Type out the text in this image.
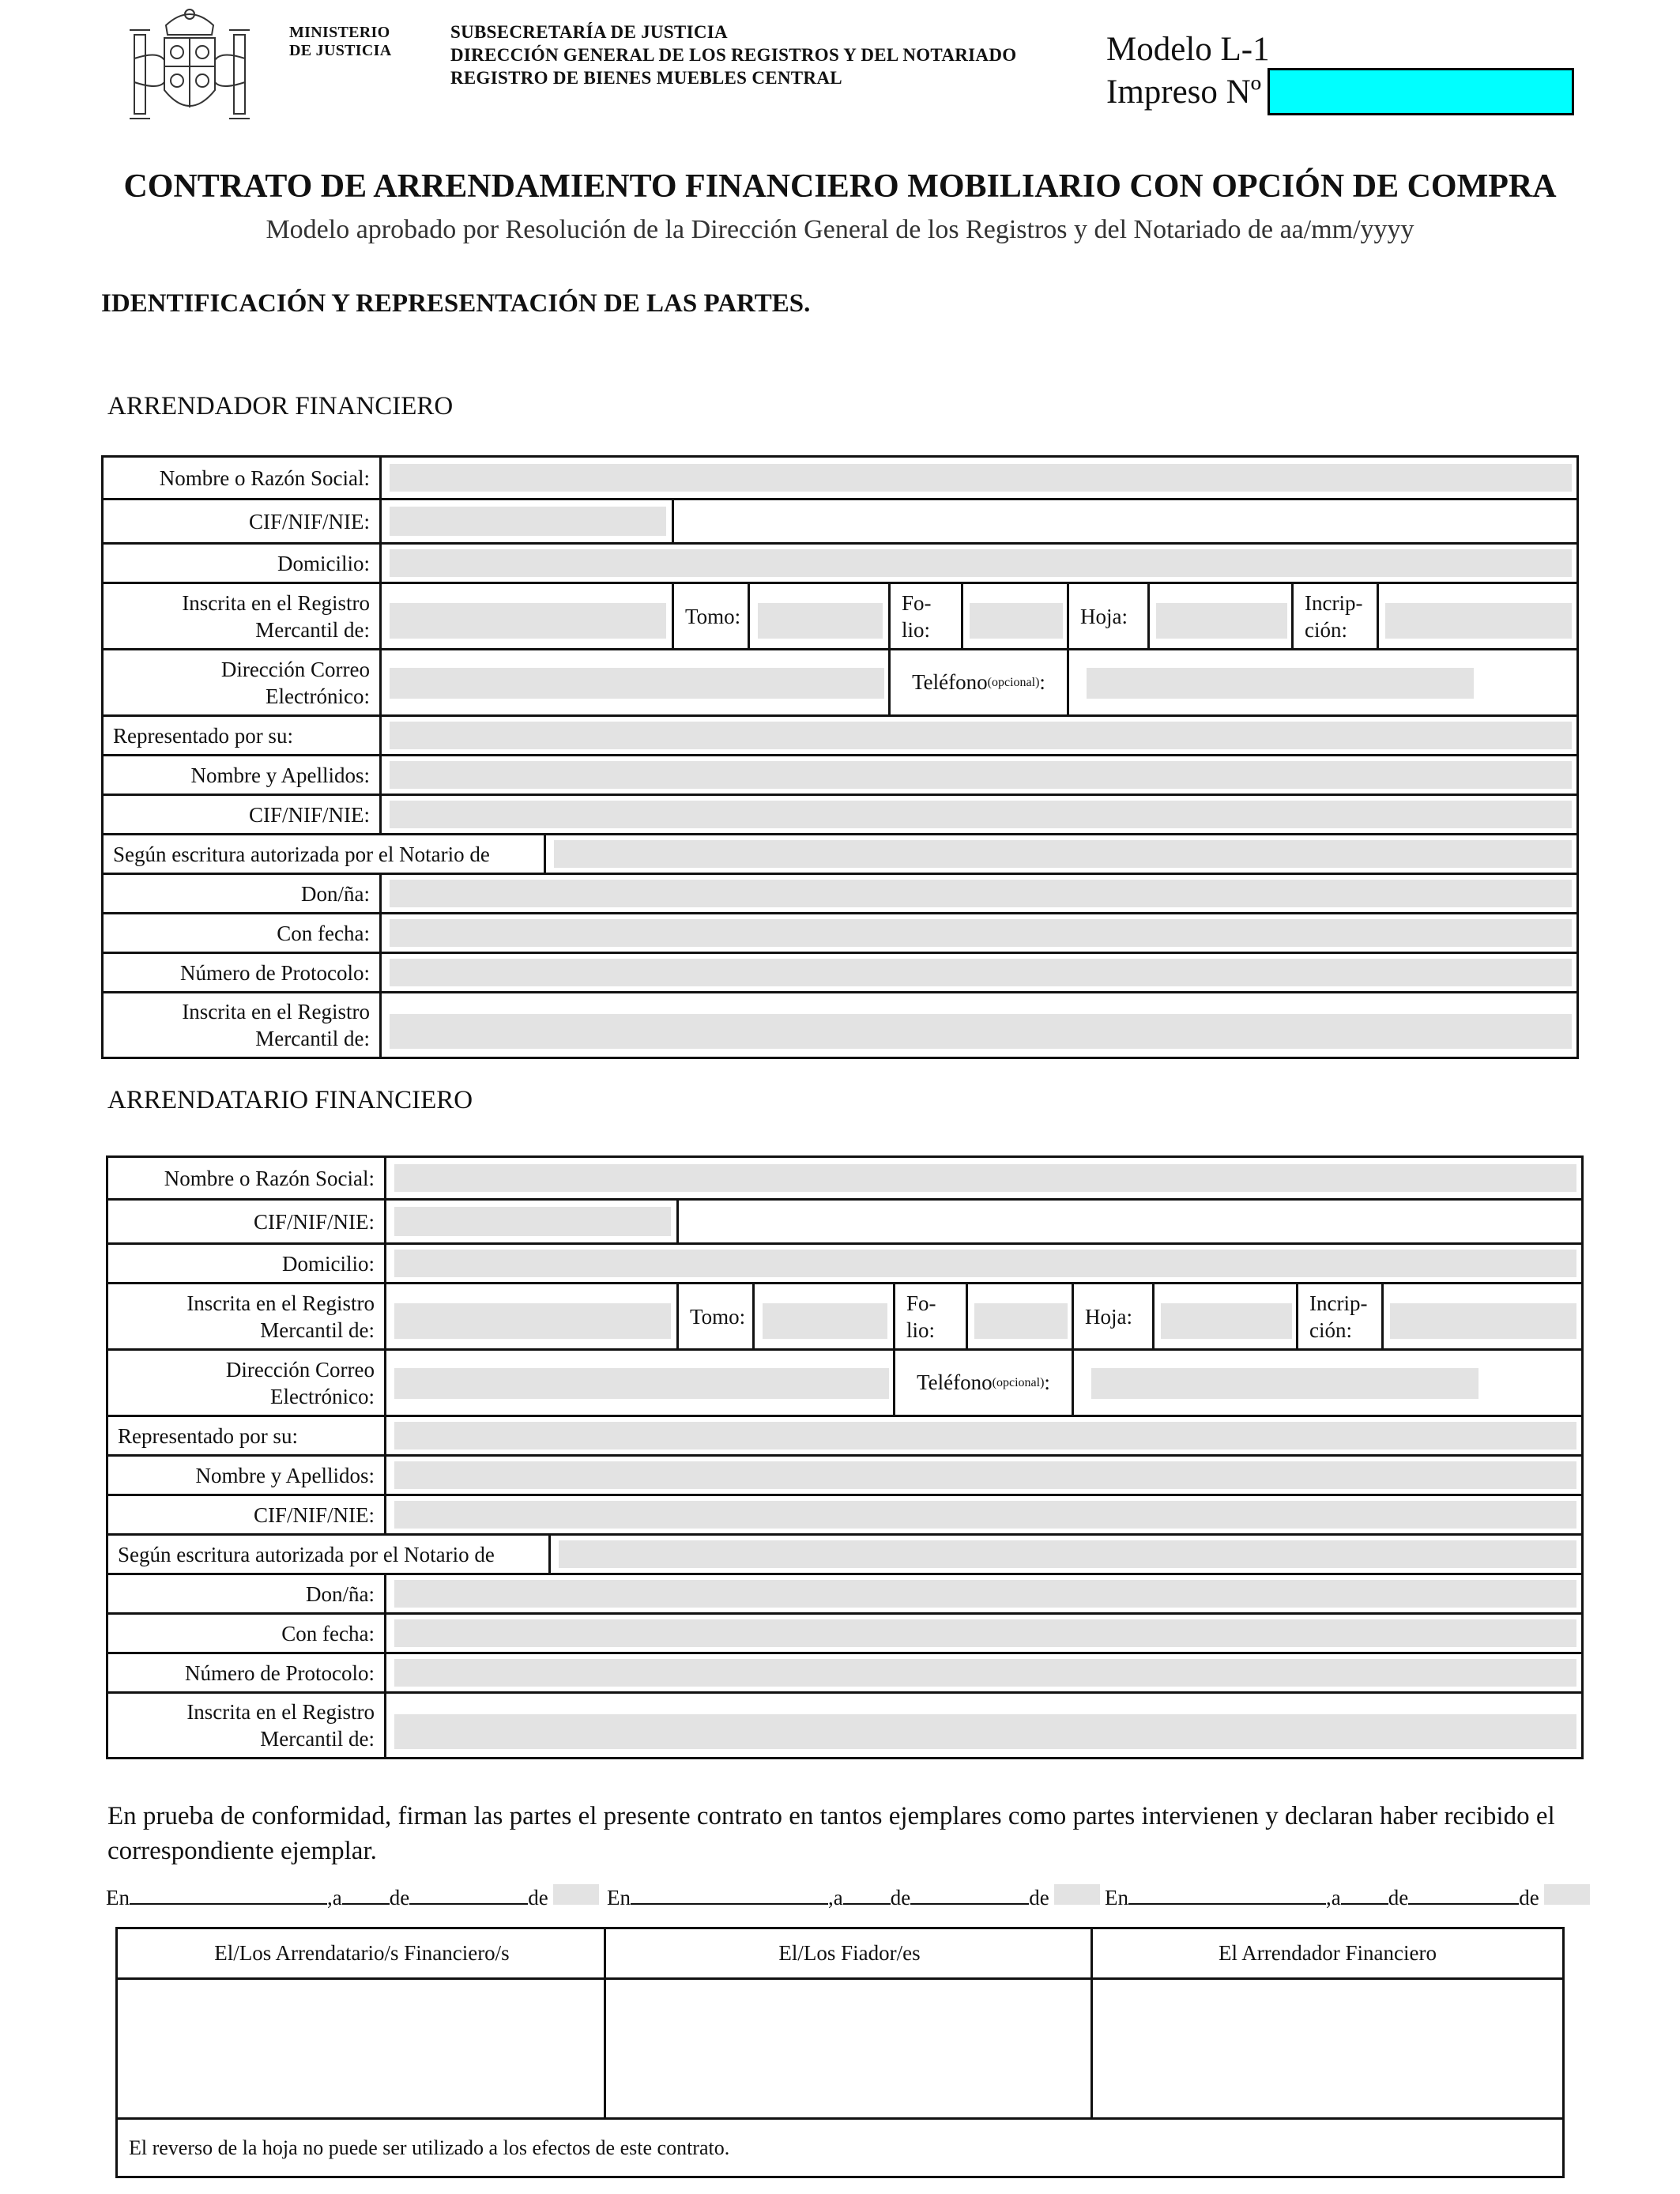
MINISTERIO
DE JUSTICIA
SUBSECRETARÍA DE JUSTICIA
DIRECCIÓN GENERAL DE LOS REGISTROS Y DEL NOTARIADO
REGISTRO DE BIENES MUEBLES CENTRAL
Modelo L-1
Impreso Nº
CONTRATO DE ARRENDAMIENTO FINANCIERO MOBILIARIO CON OPCIÓN DE COMPRA
Modelo aprobado por Resolución de la Dirección General de los Registros y del Notariado de aa/mm/yyyy
IDENTIFICACIÓN Y REPRESENTACIÓN DE LAS PARTES.
ARRENDADOR FINANCIERO
Nombre o Razón Social:
CIF/NIF/NIE:
Domicilio:
Inscrita en el Registro
Mercantil de:
Tomo:
Fo-
lio:
Hoja:
Incrip-
ción:
Dirección Correo
Electrónico:
Teléfono (opcional) :
Representado por su:
Nombre y Apellidos:
CIF/NIF/NIE:
Según escritura autorizada por el Notario de
Don/ña:
Con fecha:
Número de Protocolo:
Inscrita en el Registro
Mercantil de:
ARRENDATARIO FINANCIERO
Nombre o Razón Social:
CIF/NIF/NIE:
Domicilio:
Inscrita en el Registro
Mercantil de:
Tomo:
Fo-
lio:
Hoja:
Incrip-
ción:
Dirección Correo
Electrónico:
Teléfono (opcional) :
Representado por su:
Nombre y Apellidos:
CIF/NIF/NIE:
Según escritura autorizada por el Notario de
Don/ña:
Con fecha:
Número de Protocolo:
Inscrita en el Registro
Mercantil de:
En prueba de conformidad, firman las partes el presente contrato en tantos ejemplares como partes intervienen y declaran haber recibido el correspondiente ejemplar.
En	,a de	de	En	,a de	de	En	,a de	de
El/Los Arrendatario/s Financiero/s	El/Los Fiador/es	El Arrendador Financiero
El reverso de la hoja no puede ser utilizado a los efectos de este contrato.
